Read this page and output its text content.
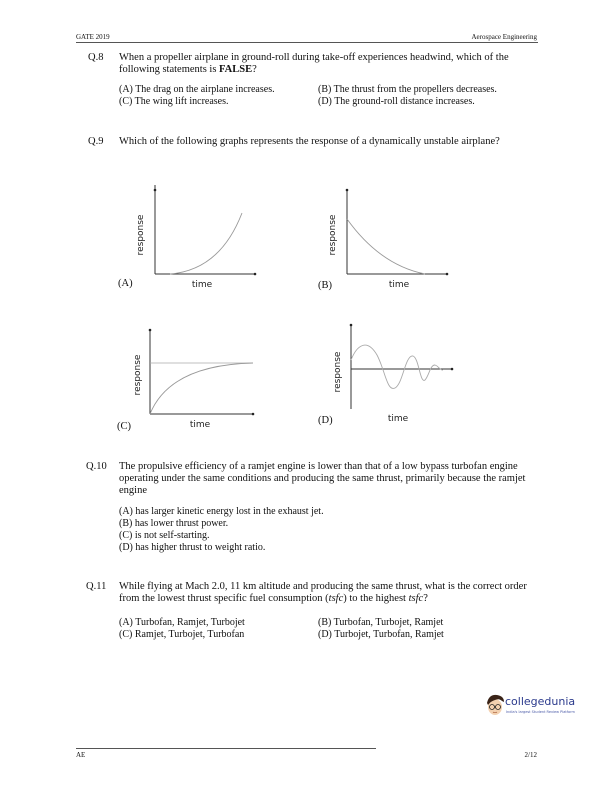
GATE 2019	Aerospace Engineering
Q.8 When a propeller airplane in ground-roll during take-off experiences headwind, which of the following statements is FALSE?
(A) The drag on the airplane increases.	(B) The thrust from the propellers decreases.
(C) The wing lift increases.	(D) The ground-roll distance increases.
Q.9 Which of the following graphs represents the response of a dynamically unstable airplane?
time
response
(A)	time
response
(B)
time
response
(C)
time
response
(D)
Q.10 The propulsive efficiency of a ramjet engine is lower than that of a low bypass turbofan engine operating under the same conditions and producing the same thrust, primarily because the ramjet engine
(A) has larger kinetic energy lost in the exhaust jet.
(B) has lower thrust power.
(C) is not self-starting.
(D) has higher thrust to weight ratio.
Q.11 While flying at Mach 2.0, 11 km altitude and producing the same thrust, what is the correct order from the lowest thrust specific fuel consumption (tsfc) to the highest tsfc?
(A) Turbofan, Ramjet, Turbojet	(B) Turbofan, Turbojet, Ramjet
(C) Ramjet, Turbojet, Turbofan	(D) Turbojet, Turbofan, Ramjet
collegedunia
India's largest Student Review Platform
AE	2/12
